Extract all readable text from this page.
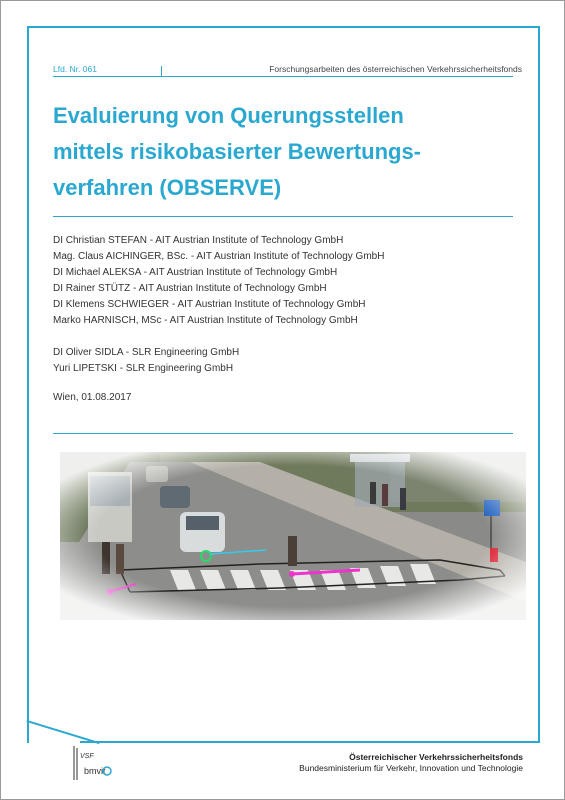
Lfd. Nr. 061	Forschungsarbeiten des österreichischen Verkehrssicherheitsfonds
Evaluierung von Querungsstellen
mittels risikobasierter Bewertungs-
verfahren (OBSERVE)
DI Christian STEFAN - AIT Austrian Institute of Technology GmbH
Mag. Claus AICHINGER, BSc. - AIT Austrian Institute of Technology GmbH
DI Michael ALEKSA - AIT Austrian Institute of Technology GmbH
DI Rainer STÜTZ - AIT Austrian Institute of Technology GmbH
DI Klemens SCHWIEGER - AIT Austrian Institute of Technology GmbH
Marko HARNISCH, MSc - AIT Austrian Institute of Technology GmbH
DI Oliver SIDLA - SLR Engineering GmbH
Yuri LIPETSKI - SLR Engineering GmbH
Wien, 01.08.2017
VSF
bmvit
Österreichischer Verkehrssicherheitsfonds
Bundesministerium für Verkehr, Innovation und Technologie
